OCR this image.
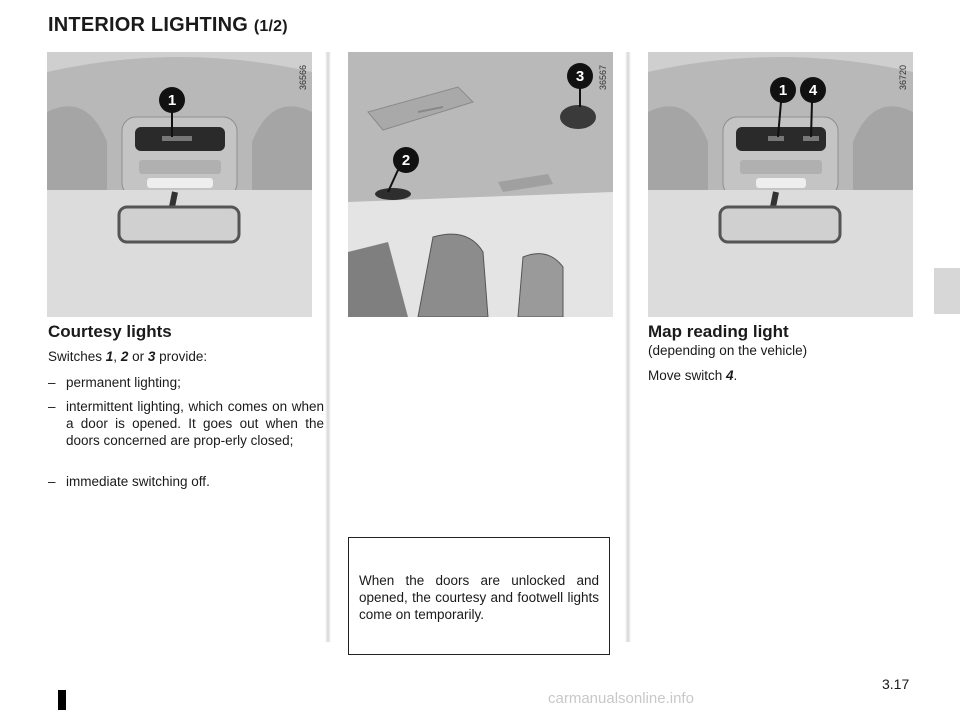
INTERIOR LIGHTING (1/2)
1
36566	3
2
36567
1 4
36720
Courtesy lights
Switches 1, 2 or 3 provide:
– permanent lighting;
– intermittent lighting, which comes on when a door is opened. It goes out when the doors concerned are prop-erly closed;
– immediate switching off.
When the doors are unlocked and opened, the courtesy and footwell lights come on temporarily.
Map reading light
(depending on the vehicle)
Move switch 4.
3.17
carmanualsonline.info
